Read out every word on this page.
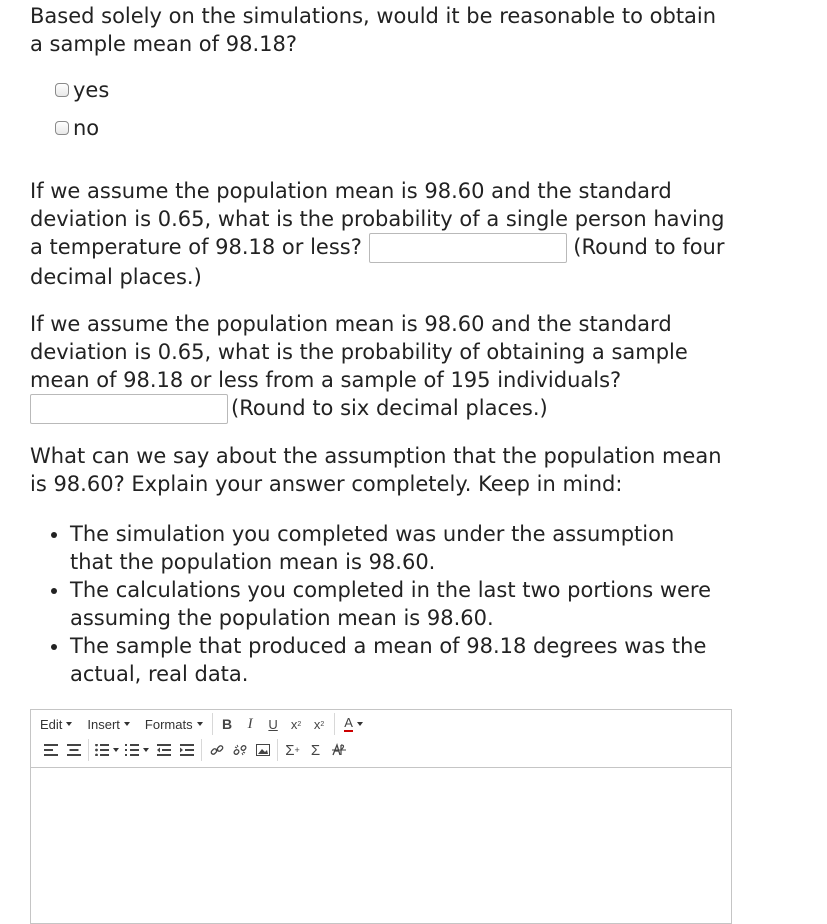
Based solely on the simulations, would it be reasonable to obtain a sample mean of 98.18?

yes
no
If we assume the population mean is 98.60 and the standard deviation is 0.65, what is the probability of a single person having a temperature of 98.18 or less?	(Round to four decimal places.)
If we assume the population mean is 98.60 and the standard deviation is 0.65, what is the probability of obtaining a sample mean of 98.18 or less from a sample of 195 individuals? (Round to six decimal places.)

What can we say about the assumption that the population mean is 98.60? Explain your answer completely. Keep in mind:

• The simulation you completed was under the assumption that the population mean is 98.60.
• The calculations you completed in the last two portions were assuming the population mean is 98.60.
• The sample that produced a mean of 98.18 degrees was the actual, real data.
Edit Insert Formats	B	I	U	x 2 x 2 A
Σ + Σ
